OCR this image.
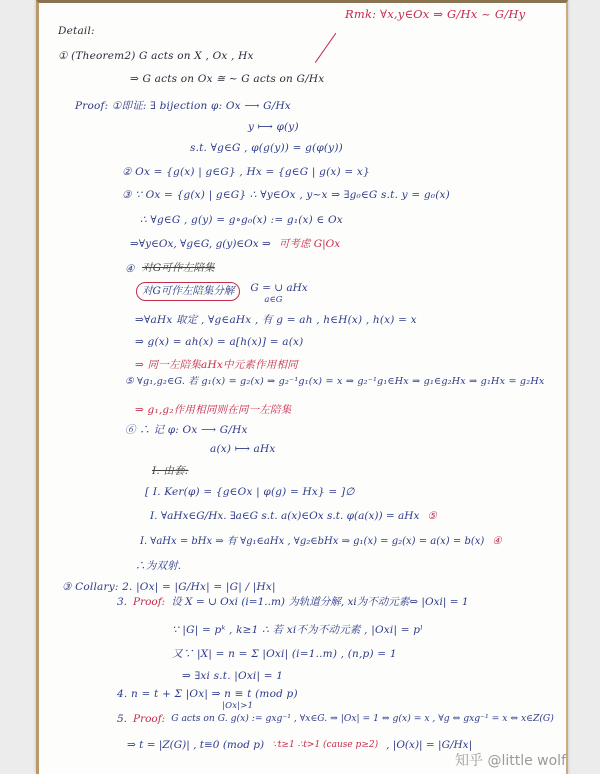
Rmk: ∀x,y∈Ox ⇒ G/Hx ~ G/Hy
Detail:
① (Theorem2) G acts on X , Ox , Hx
⇒ G acts on Ox ≅ ~ G acts on G/Hx
Proof: ①即证: ∃ bijection φ: Ox ⟶ G/Hx
y ⟼ φ(y)
s.t. ∀g∈G , φ(g(y)) = g(φ(y))
② Ox = {g(x) | g∈G} , Hx = {g∈G | g(x) = x}
③ ∵ Ox = {g(x) | g∈G} ∴ ∀y∈Ox , y~x ⇒ ∃g₀∈G s.t. y = g₀(x)
∴ ∀g∈G , g(y) = g∘g₀(x) := g₁(x) ∈ Ox
⇒∀y∈Ox, ∀g∈G, g(y)∈Ox ⇒ 可考虑 G|Ox
④ 对G可作左陪集
对G可作左陪集分解	G = ∪ aHx
a∈G
⇒∀aHx 取定 , ∀g∈aHx , 有 g = ah , h∈H(x) , h(x) = x
⇒ g(x) = ah(x) = a[h(x)] = a(x)
⇒ 同一左陪集aHx中元素作用相同
⑤ ∀g₁,g₂∈G. 若 g₁(x) = g₂(x) ⇒ g₂⁻¹g₁(x) = x ⇒ g₂⁻¹g₁∈Hx ⇒ g₁∈g₂Hx ⇒ g₁Hx = g₂Hx
⇒ g₁,g₂作用相同则在同一左陪集
⑥ ∴ 记 φ: Ox ⟶ G/Hx
a(x) ⟼ aHx
I. 由套:
[ I. Ker(φ) = {g∈Ox | φ(g) = Hx} = ]∅
I. ∀aHx∈G/Hx. ∃a∈G s.t. a(x)∈Ox s.t. φ(a(x)) = aHx ⑤
I. ∀aHx = bHx ⇒ 有 ∀g₁∈aHx , ∀g₂∈bHx ⇒ g₁(x) = g₂(x) = a(x) = b(x) ④
∴为双射.
③ Collary: 2. |Ox| = |G/Hx| = |G| / |Hx|
3. Proof: 设 X = ∪ Oxi (i=1..m) 为轨道分解, xi为不动元素⇔ |Oxi| = 1
∵ |G| = pᵏ , k≥1 ∴ 若 xi不为不动元素 , |Oxi| = pˡ
又∵ |X| = n = Σ |Oxi| (i=1..m) , (n,p) = 1
⇒ ∃xi s.t. |Oxi| = 1
4. n = t + Σ |Ox| ⇒ n ≡ t (mod p)
|Ox|>1
5. Proof: G acts on G. g(x) := gxg⁻¹ , ∀x∈G. ⇒ |Ox| = 1 ⇔ g(x) = x , ∀g ⇔ gxg⁻¹ = x ⇔ x∈Z(G)
⇒ t = |Z(G)| , t≡0 (mod p) ∵t≥1 ∴t>1 (cause p≥2) , |O(x)| = |G/Hx|
知乎 @little wolf
